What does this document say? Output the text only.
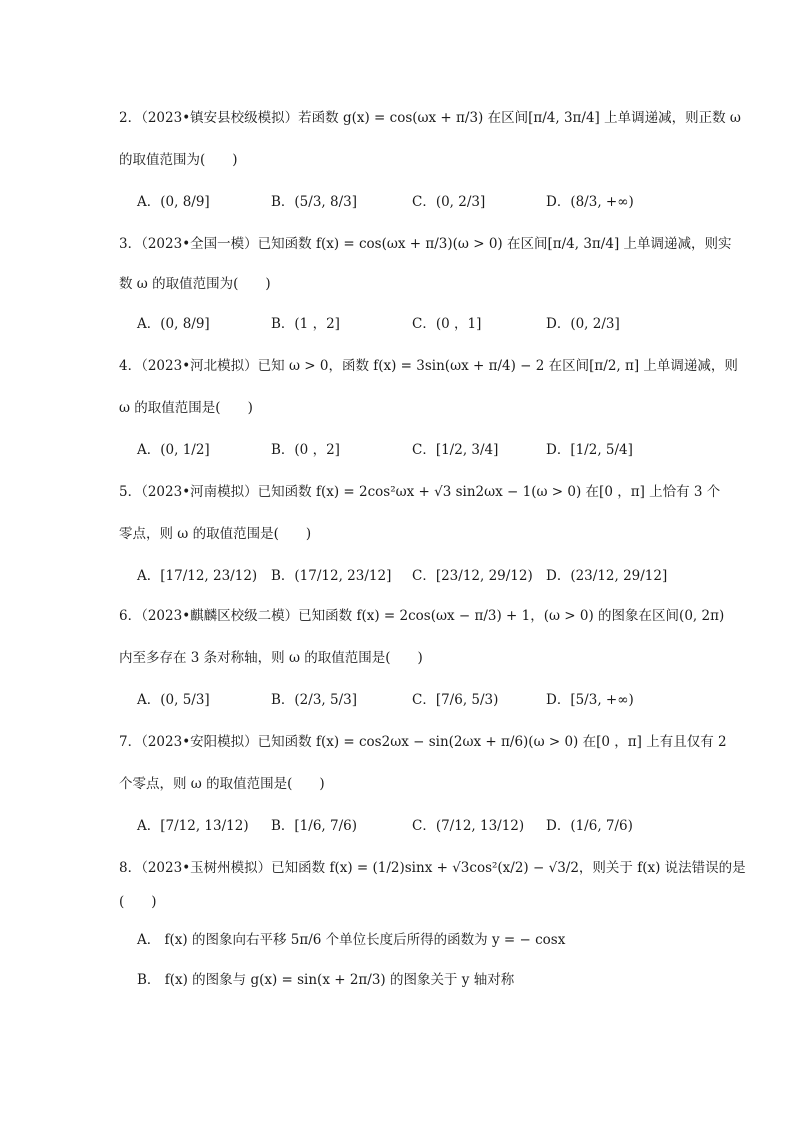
2．（2023•镇安县校级模拟）若函数 g(x) = cos(ωx + π/3) 在区间[π/4, 3π/4] 上单调递减，则正数 ω
的取值范围为(　　)
A．(0, 8/9]	B．(5/3, 8/3]	C．(0, 2/3]	D．(8/3, +∞)
3．（2023•全国一模）已知函数 f(x) = cos(ωx + π/3)(ω > 0) 在区间[π/4, 3π/4] 上单调递减，则实
数 ω 的取值范围为(　　)
A．(0, 8/9]	B．(1 ，2]	C．(0 ，1]	D．(0, 2/3]
4．（2023•河北模拟）已知 ω > 0，函数 f(x) = 3sin(ωx + π/4) − 2 在区间[π/2, π] 上单调递减，则
ω 的取值范围是(　　)
A．(0, 1/2]	B．(0 ，2]	C．[1/2, 3/4]	D．[1/2, 5/4]
5．（2023•河南模拟）已知函数 f(x) = 2cos²ωx + √3 sin2ωx − 1(ω > 0) 在[0 ，π] 上恰有 3 个
零点，则 ω 的取值范围是(　　)
A．[17/12, 23/12) B．(17/12, 23/12] C．[23/12, 29/12) D．(23/12, 29/12]
6．（2023•麒麟区校级二模）已知函数 f(x) = 2cos(ωx − π/3) + 1，(ω > 0) 的图象在区间(0, 2π)
内至多存在 3 条对称轴，则 ω 的取值范围是(　　)
A．(0, 5/3]	B．(2/3, 5/3]	C．[7/6, 5/3)	D．[5/3, +∞)
7．（2023•安阳模拟）已知函数 f(x) = cos2ωx − sin(2ωx + π/6)(ω > 0) 在[0 ，π] 上有且仅有 2
个零点，则 ω 的取值范围是(　　)
A．[7/12, 13/12) B．[1/6, 7/6)	C．(7/12, 13/12) D．(1/6, 7/6)
8．（2023•玉树州模拟）已知函数 f(x) = (1/2)sinx + √3cos²(x/2) − √3/2，则关于 f(x) 说法错误的是
(　　)
A． f(x) 的图象向右平移 5π/6 个单位长度后所得的函数为 y = − cosx
B． f(x) 的图象与 g(x) = sin(x + 2π/3) 的图象关于 y 轴对称
